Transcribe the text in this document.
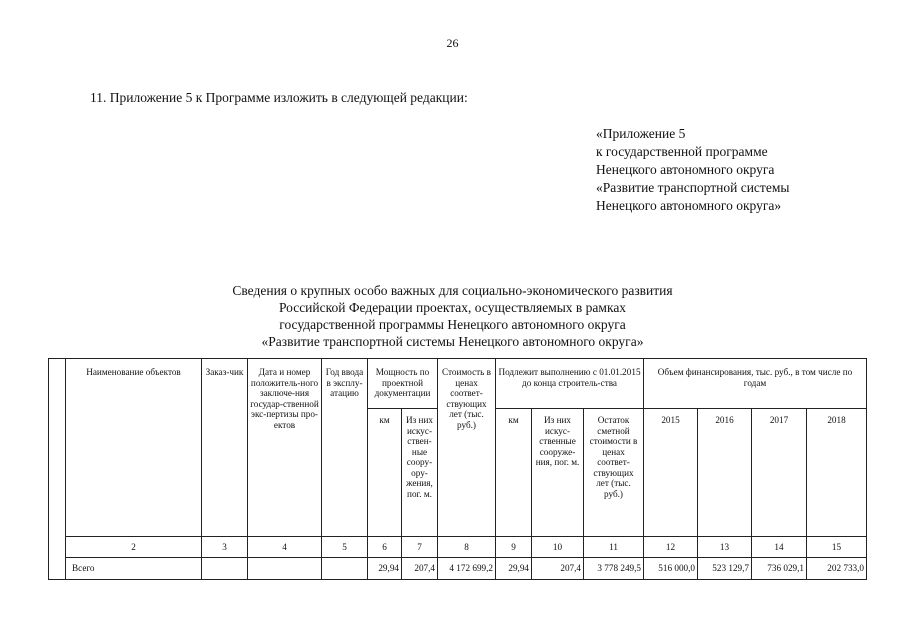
26
11. Приложение 5 к Программе изложить в следующей редакции:
«Приложение 5
к государственной программе
Ненецкого автономного округа
«Развитие транспортной системы
Ненецкого автономного округа»
Сведения о крупных особо важных для социально-экономического развития
Российской Федерации проектах, осуществляемых в рамках
государственной программы Ненецкого автономного округа
«Развитие транспортной системы Ненецкого автономного округа»
	Наименование объектов	Заказ-чик	Дата и номер положитель-ного заключе-ния государ-ственной экс-пертизы про-ектов	Год ввода в эксплу-атацию	Мощность по проектной документации		Стоимость в ценах соответ-ствующих лет (тыс. руб.)	Подлежит выполнению с 01.01.2015 до конца строитель-ства			Объем финансирования, тыс. руб., в том числе по годам			
					км	Из них искус-ствен-ные соору-ору-жения, пог. м.		км	Из них искус-ственные сооруже-ния, пог. м.	Остаток сметной стоимости в ценах соответ-ствующих лет (тыс. руб.)	2015	2016	2017	2018
	2	3	4	5	6	7	8	9	10	11	12	13	14	15
	Всего				29,94	207,4	4 172 699,2	29,94	207,4	3 778 249,5	516 000,0	523 129,7	736 029,1	202 733,0
